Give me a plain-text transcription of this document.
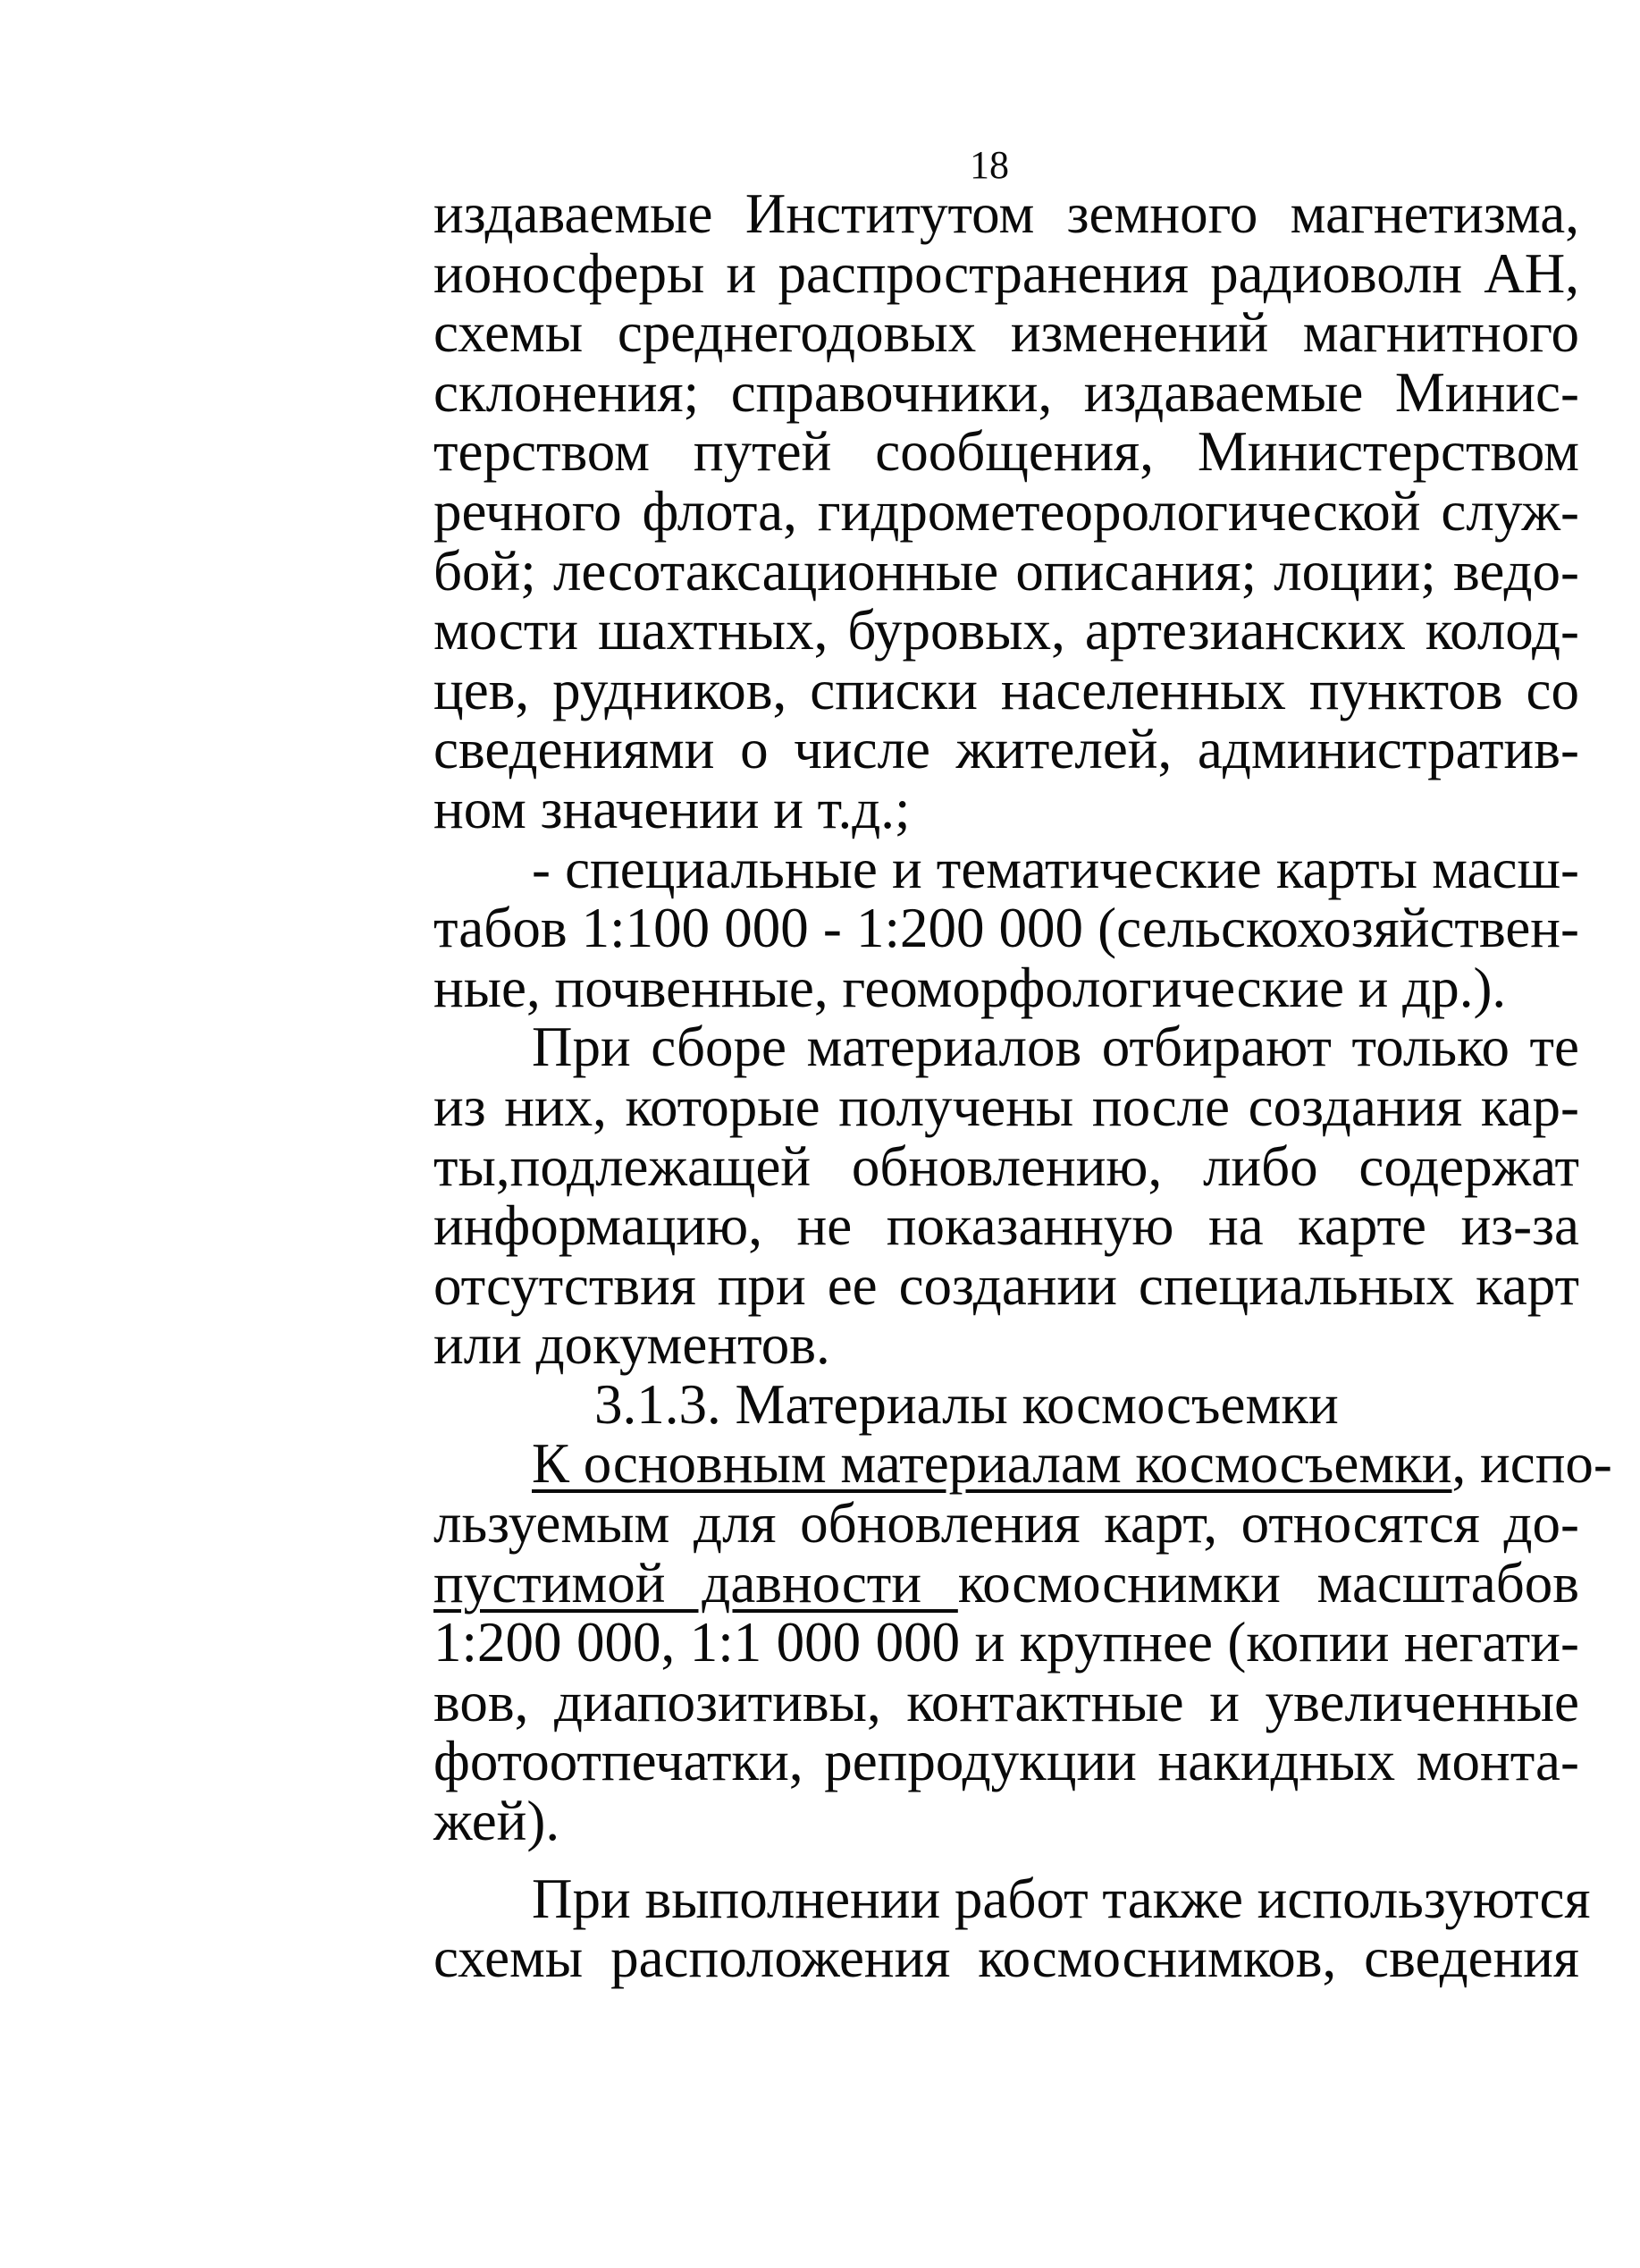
18
издаваемые Институтом земного магнетизма,
ионосферы и распространения радиоволн АН,
схемы среднегодовых изменений магнитного
склонения; справочники, издаваемые Минис-
терством путей сообщения, Министерством
речного флота, гидрометеорологической служ-
бой; лесотаксационные описания; лоции; ведо-
мости шахтных, буровых, артезианских колод-
цев, рудников, списки населенных пунктов со
сведениями о числе жителей, административ-
ном значении и т.д.;
- специальные и тематические карты масш-
табов 1:100 000 - 1:200 000 (сельскохозяйствен-
ные, почвенные, геоморфологические и др.).
При сборе материалов отбирают только те
из них, которые получены после создания кар-
ты,подлежащей обновлению, либо содержат
информацию, не показанную на карте из-за
отсутствия при ее создании специальных карт
или документов.
3.1.3. Материалы космосъемки
К основным материалам космосъемки, испо-
льзуемым для обновления карт, относятся до-
пустимой давности космоснимки масштабов
1:200 000, 1:1 000 000 и крупнее (копии негати-
вов, диапозитивы, контактные и увеличенные
фотоотпечатки, репродукции накидных монта-
жей).
При выполнении работ также используются
схемы расположения космоснимков, сведения
